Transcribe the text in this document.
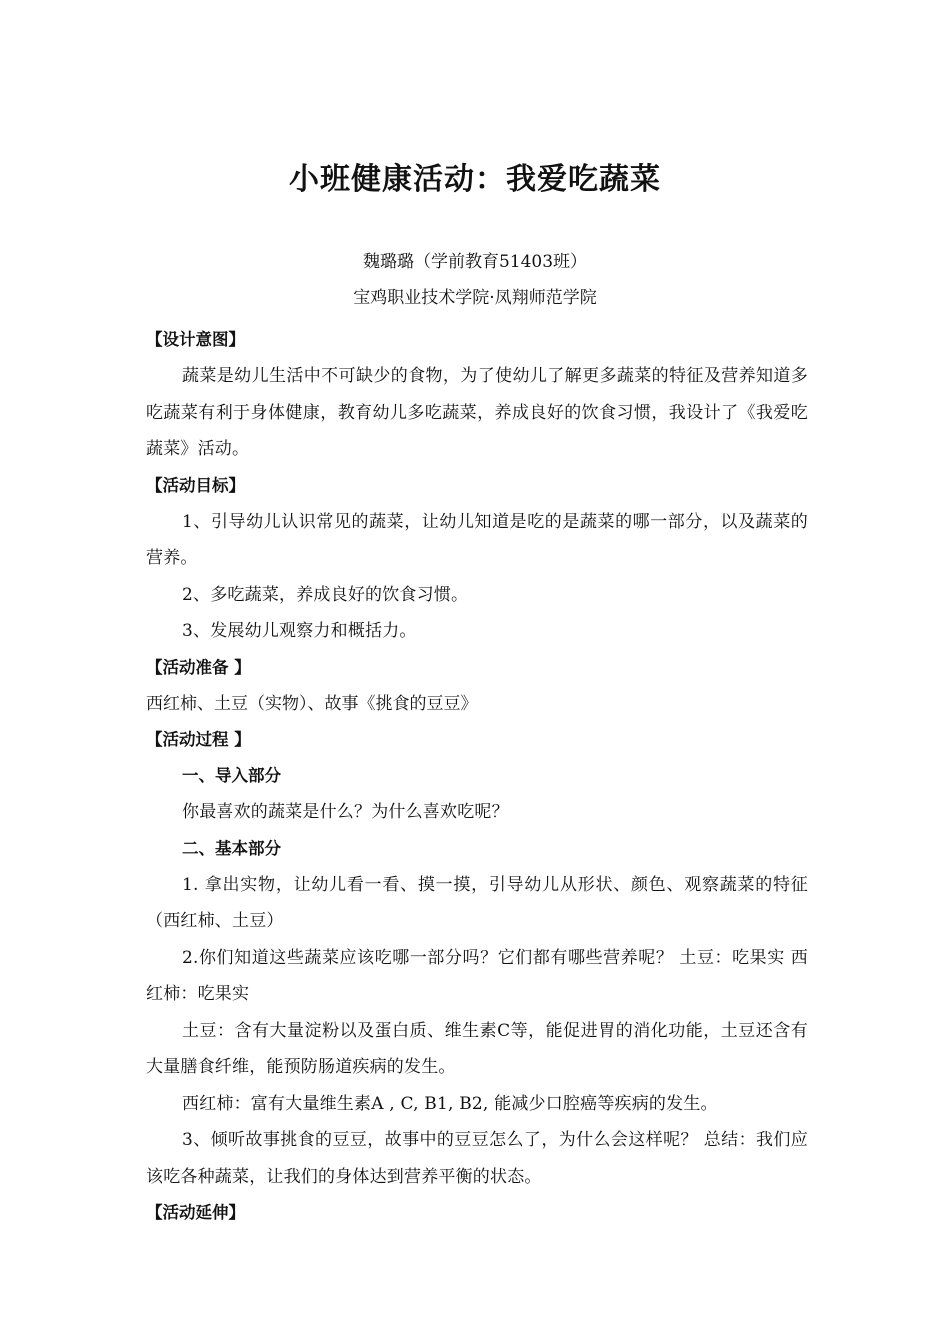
小班健康活动：我爱吃蔬菜
魏璐璐（学前教育51403班）
宝鸡职业技术学院·凤翔师范学院
【设计意图】

蔬菜是幼儿生活中不可缺少的食物，为了使幼儿了解更多蔬菜的特征及营养知道多吃蔬菜有利于身体健康，教育幼儿多吃蔬菜，养成良好的饮食习惯，我设计了《我爱吃蔬菜》活动。

【活动目标】

1、引导幼儿认识常见的蔬菜，让幼儿知道是吃的是蔬菜的哪一部分，以及蔬菜的营养。

2、多吃蔬菜，养成良好的饮食习惯。

3、发展幼儿观察力和概括力。

【活动准备 】

西红柿、土豆（实物）、故事《挑食的豆豆》

【活动过程 】
一、导入部分

你最喜欢的蔬菜是什么？为什么喜欢吃呢？

二、基本部分

1. 拿出实物，让幼儿看一看、摸一摸，引导幼儿从形状、颜色、观察蔬菜的特征（西红柿、土豆）

2.你们知道这些蔬菜应该吃哪一部分吗？它们都有哪些营养呢？ 土豆：吃果实 西红柿：吃果实

土豆：含有大量淀粉以及蛋白质、维生素C等，能促进胃的消化功能，土豆还含有大量膳食纤维，能预防肠道疾病的发生。

西红柿：富有大量维生素A , C, B1, B2, 能减少口腔癌等疾病的发生。

3、倾听故事挑食的豆豆，故事中的豆豆怎么了，为什么会这样呢？ 总结：我们应该吃各种蔬菜，让我们的身体达到营养平衡的状态。

【活动延伸】
